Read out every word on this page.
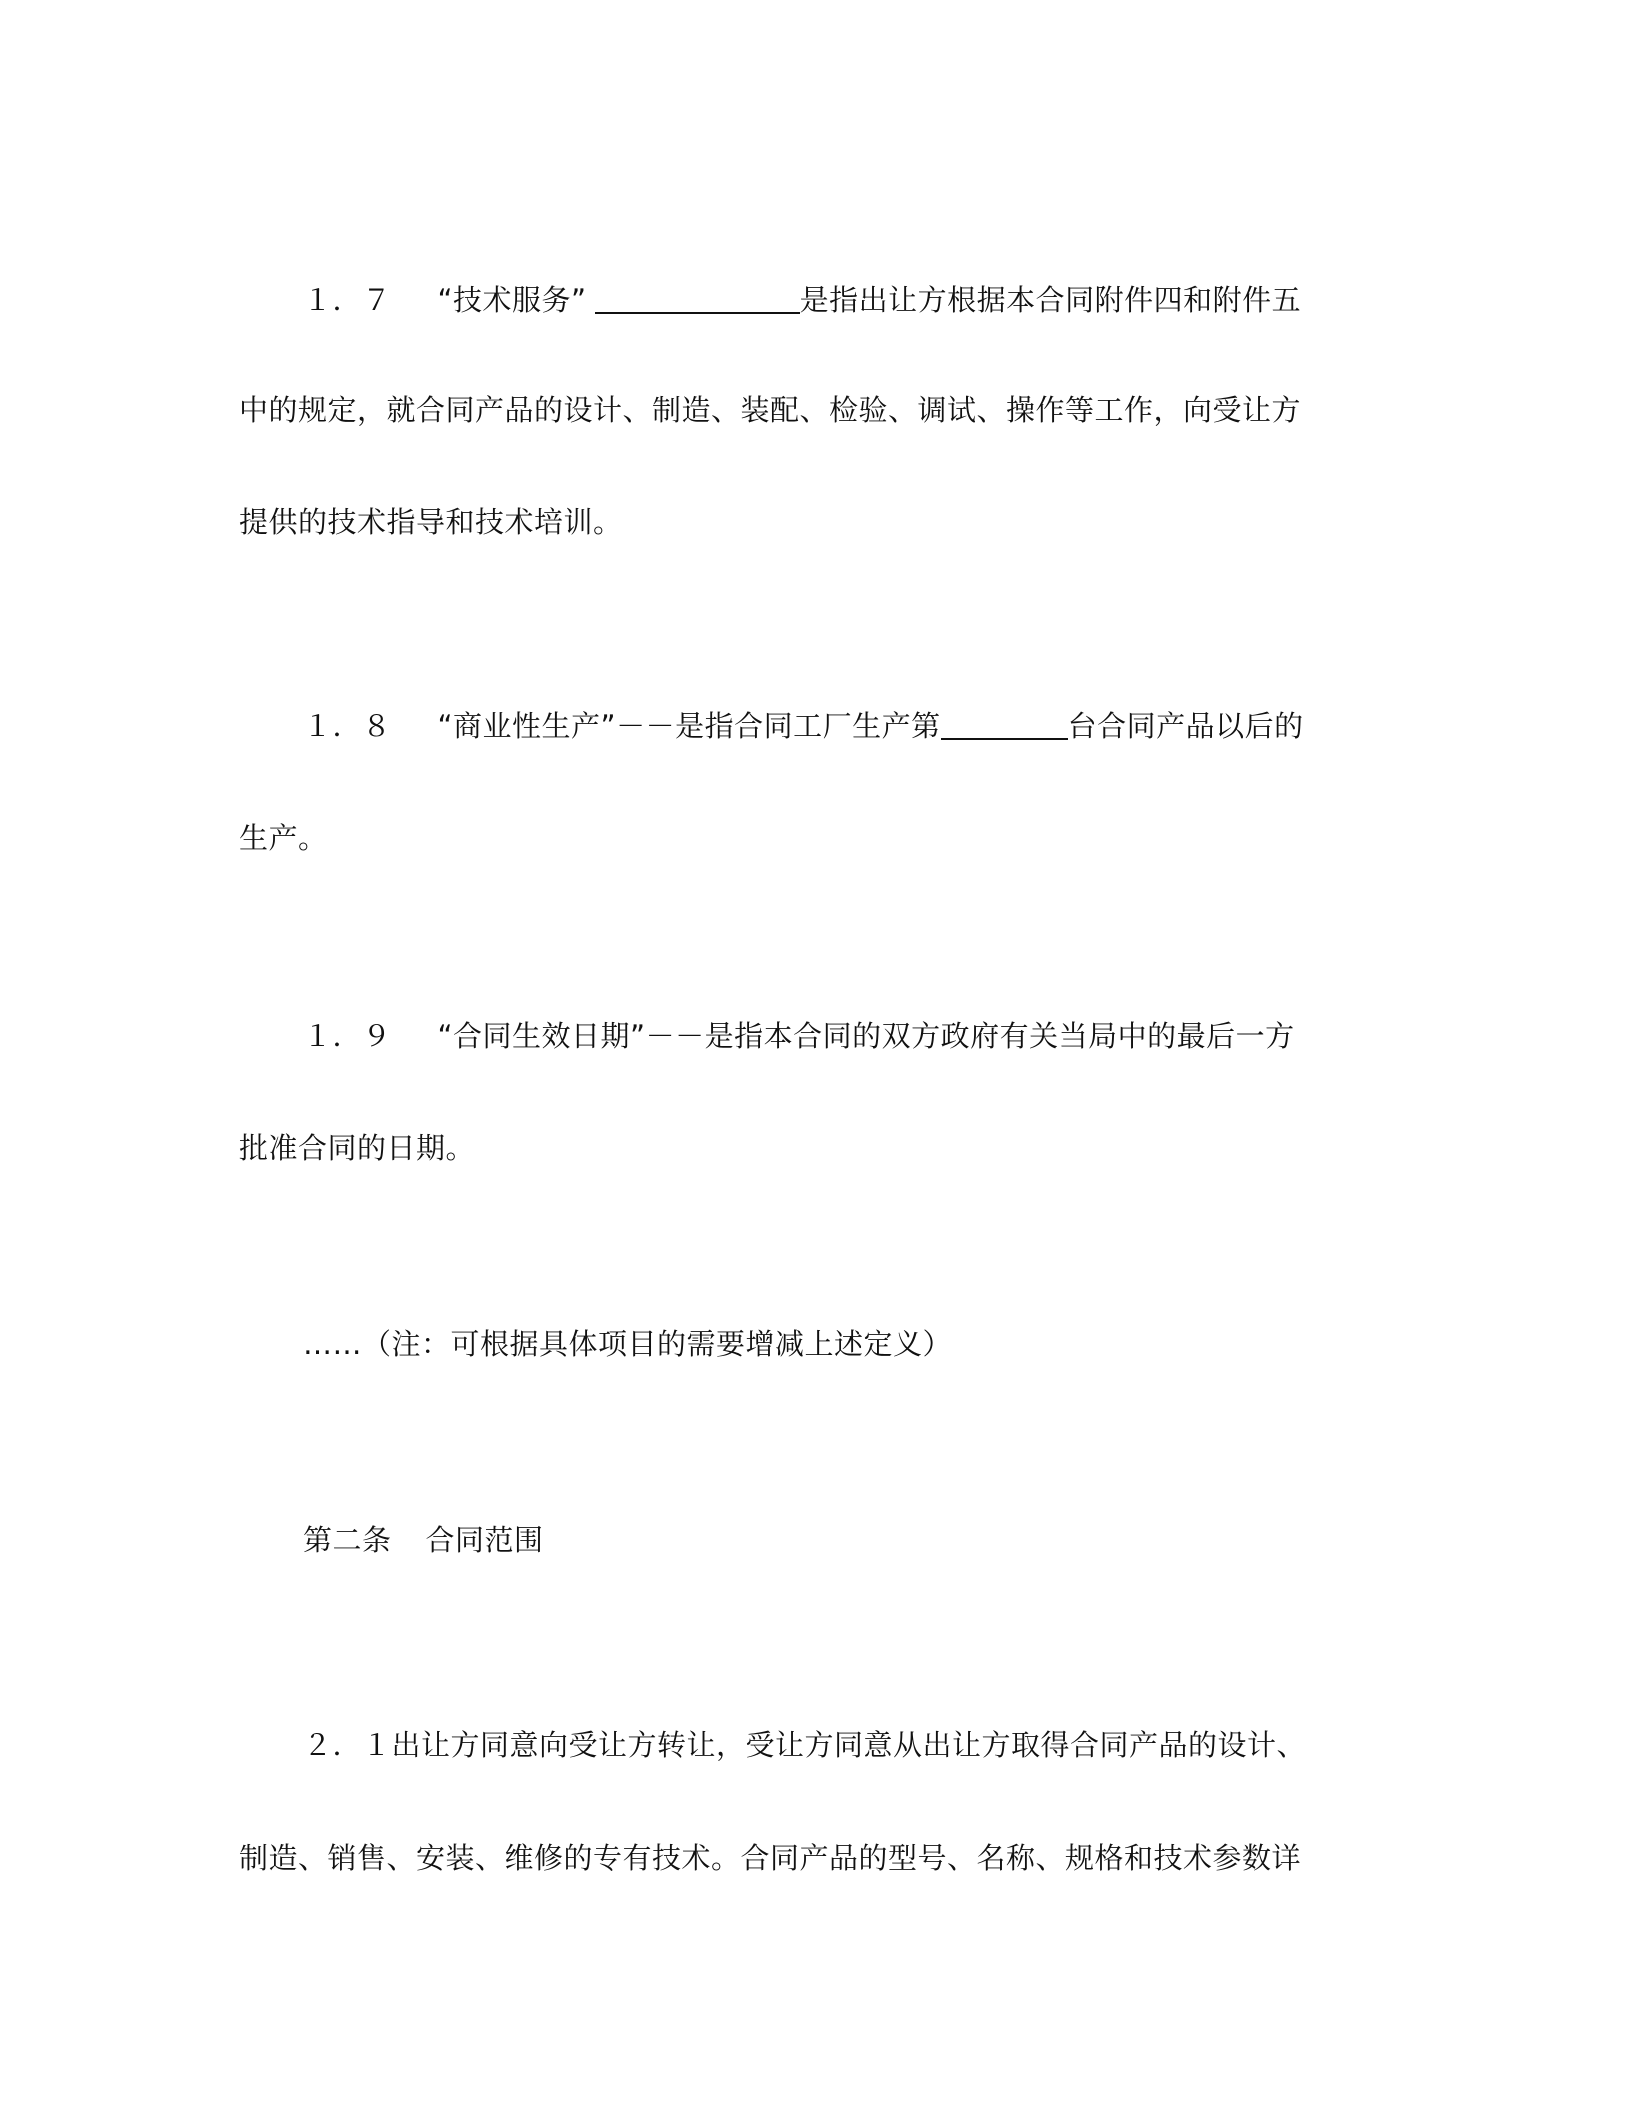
１．７ “技术服务”	是指出让方根据本合同附件四和附件五
中的规定，就合同产品的设计、制造、装配、检验、调试、操作等工作，向受让方
提供的技术指导和技术培训。
１．８ “商业性生产”－－是指合同工厂生产第	台合同产品以后的
生产。
１．９ “合同生效日期”－－是指本合同的双方政府有关当局中的最后一方
批准合同的日期。
……（注：可根据具体项目的需要增减上述定义）
第二条 合同范围
２．１出让方同意向受让方转让，受让方同意从出让方取得合同产品的设计、
制造、销售、安装、维修的专有技术。合同产品的型号、名称、规格和技术参数详
